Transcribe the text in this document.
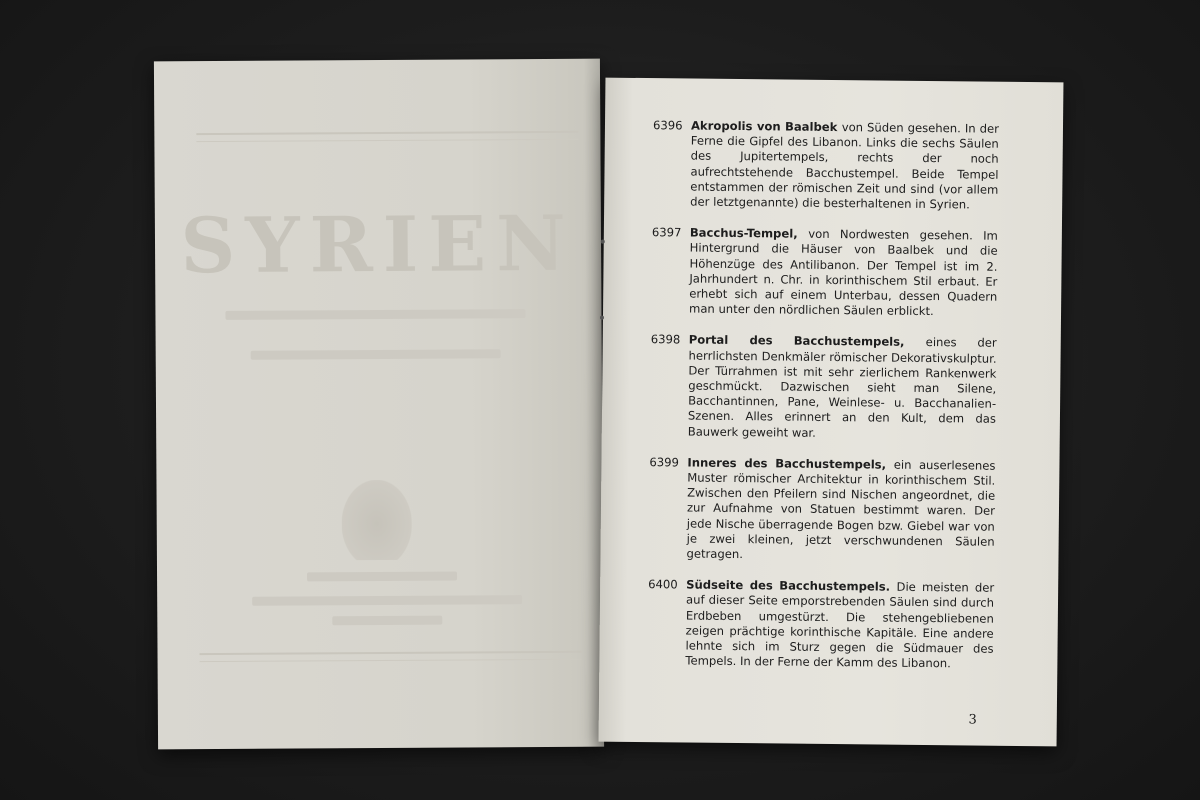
SYRIEN
6396 Akropolis von Baalbek von Süden gesehen. In der Ferne die Gipfel des Libanon. Links die sechs Säulen des Jupitertempels, rechts der noch aufrechtstehende Bacchustempel. Beide Tempel entstammen der römischen Zeit und sind (vor allem der letztgenannte) die besterhaltenen in Syrien.
6397 Bacchus-Tempel, von Nordwesten gesehen. Im Hintergrund die Häuser von Baalbek und die Höhenzüge des Antilibanon. Der Tempel ist im 2. Jahrhundert n. Chr. in korinthischem Stil erbaut. Er erhebt sich auf einem Unterbau, dessen Quadern man unter den nördlichen Säulen erblickt.
6398 Portal des Bacchustempels, eines der herrlichsten Denkmäler römischer Dekorativskulptur. Der Türrahmen ist mit sehr zierlichem Rankenwerk geschmückt. Dazwischen sieht man Silene, Bacchantinnen, Pane, Weinlese- u. Bacchanalien-Szenen. Alles erinnert an den Kult, dem das Bauwerk geweiht war.
6399 Inneres des Bacchustempels, ein auserlesenes Muster römischer Architektur in korinthischem Stil. Zwischen den Pfeilern sind Nischen angeordnet, die zur Aufnahme von Statuen bestimmt waren. Der jede Nische überragende Bogen bzw. Giebel war von je zwei kleinen, jetzt verschwundenen Säulen getragen.
6400 Südseite des Bacchustempels. Die meisten der auf dieser Seite emporstrebenden Säulen sind durch Erdbeben umgestürzt. Die stehengebliebenen zeigen prächtige korinthische Kapitäle. Eine andere lehnte sich im Sturz gegen die Südmauer des Tempels. In der Ferne der Kamm des Libanon.
3
